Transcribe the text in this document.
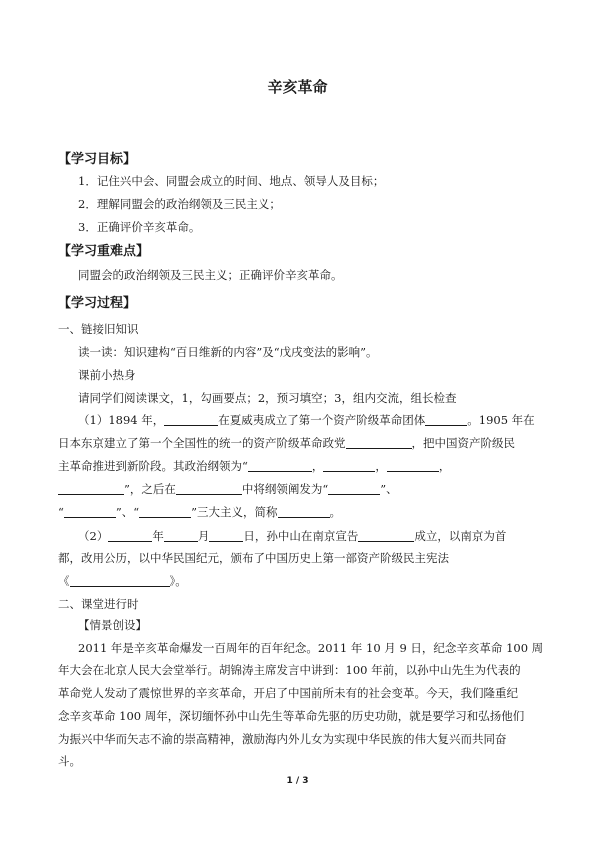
辛亥革命
【学习目标】
1．记住兴中会、同盟会成立的时间、地点、领导人及目标；
2．理解同盟会的政治纲领及三民主义；
3．正确评价辛亥革命。
【学习重难点】
同盟会的政治纲领及三民主义；正确评价辛亥革命。
【学习过程】
一、链接旧知识
读一读：知识建构“百日维新的内容”及“戊戌变法的影响”。
课前小热身
请同学们阅读课文，1，勾画要点；2，预习填空；3，组内交流，组长检查
（1）1894 年，	在夏威夷成立了第一个资产阶级革命团体	。1905 年在
日本东京建立了第一个全国性的统一的资产阶级革命政党	，把中国资产阶级民
主革命推进到新阶段。其政治纲领为“	，	，	，
”，之后在	中将纲领阐发为“	”、
“	”、“	”三大主义，简称	。
（2）	年	月	日，孙中山在南京宣告	成立，以南京为首
都，改用公历，以中华民国纪元，颁布了中国历史上第一部资产阶级民主宪法
《	》。
二、课堂进行时
【情景创设】
2011 年是辛亥革命爆发一百周年的百年纪念。2011 年 10 月 9 日，纪念辛亥革命 100 周
年大会在北京人民大会堂举行。胡锦涛主席发言中讲到：100 年前，以孙中山先生为代表的
革命党人发动了震惊世界的辛亥革命，开启了中国前所未有的社会变革。今天，我们隆重纪
念辛亥革命 100 周年，深切缅怀孙中山先生等革命先驱的历史功勋，就是要学习和弘扬他们
为振兴中华而矢志不渝的崇高精神，激励海内外儿女为实现中华民族的伟大复兴而共同奋
斗。
1 / 3
